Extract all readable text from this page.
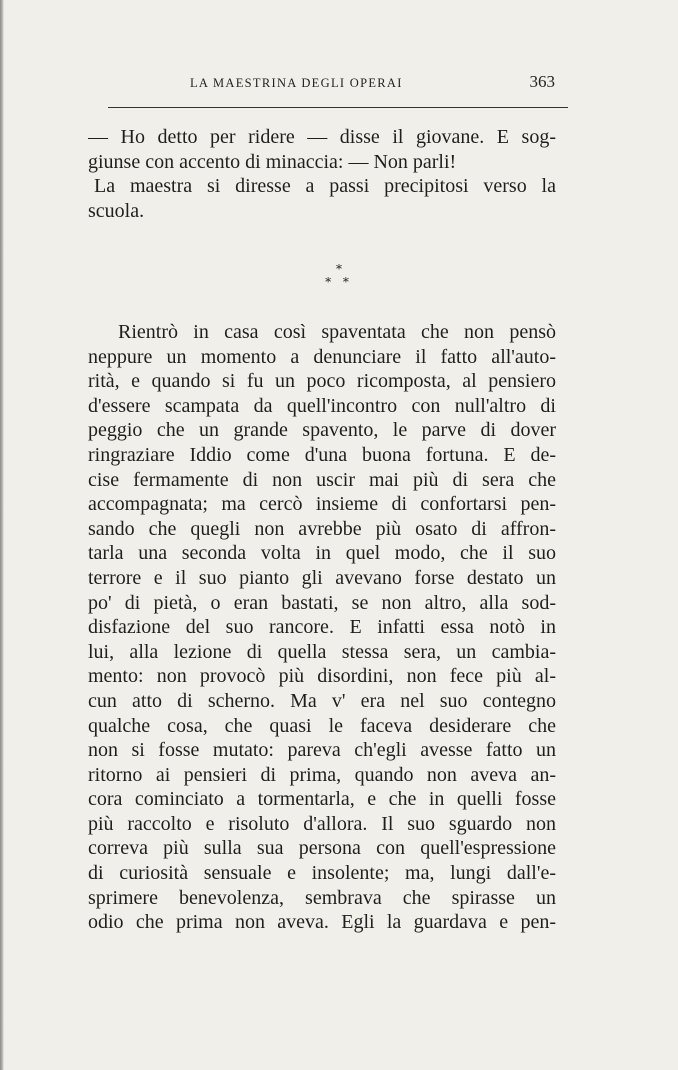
LA MAESTRINA DEGLI OPERAI	363
— Ho detto per ridere — disse il giovane. E sog-
giunse con accento di minaccia: — Non parli!
La maestra si diresse a passi precipitosi verso la
scuola.
*
* *
Rientrò in casa così spaventata che non pensò
neppure un momento a denunciare il fatto all'auto-
rità, e quando si fu un poco ricomposta, al pensiero
d'essere scampata da quell'incontro con null'altro di
peggio che un grande spavento, le parve di dover
ringraziare Iddio come d'una buona fortuna. E de-
cise fermamente di non uscir mai più di sera che
accompagnata; ma cercò insieme di confortarsi pen-
sando che quegli non avrebbe più osato di affron-
tarla una seconda volta in quel modo, che il suo
terrore e il suo pianto gli avevano forse destato un
po' di pietà, o eran bastati, se non altro, alla sod-
disfazione del suo rancore. E infatti essa notò in
lui, alla lezione di quella stessa sera, un cambia-
mento: non provocò più disordini, non fece più al-
cun atto di scherno. Ma v' era nel suo contegno
qualche cosa, che quasi le faceva desiderare che
non si fosse mutato: pareva ch'egli avesse fatto un
ritorno ai pensieri di prima, quando non aveva an-
cora cominciato a tormentarla, e che in quelli fosse
più raccolto e risoluto d'allora. Il suo sguardo non
correva più sulla sua persona con quell'espressione
di curiosità sensuale e insolente; ma, lungi dall'e-
sprimere benevolenza, sembrava che spirasse un
odio che prima non aveva. Egli la guardava e pen-
